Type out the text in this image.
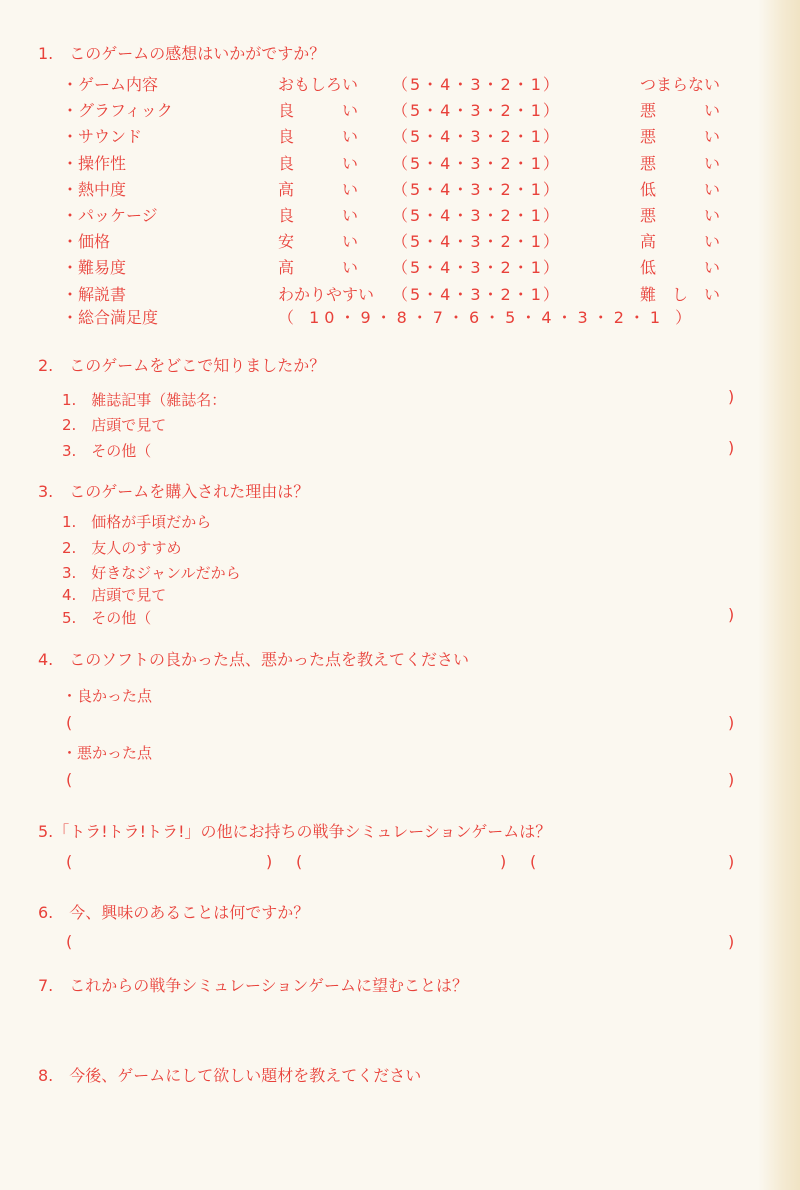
1.　このゲームの感想はいかがですか？
・ゲーム内容	おもしろい （5・4・3・2・1）	つまらない
・グラフィック	良　　　い （5・4・3・2・1）	悪　　　い
・サウンド	良　　　い （5・4・3・2・1）	悪　　　い
・操作性	良　　　い （5・4・3・2・1）	悪　　　い
・熱中度	高　　　い （5・4・3・2・1）	低　　　い
・パッケージ	良　　　い （5・4・3・2・1）	悪　　　い
・価格	安　　　い （5・4・3・2・1）	高　　　い
・難易度	高　　　い （5・4・3・2・1）	低　　　い
・解説書	わかりやすい （5・4・3・2・1）	難　し　い
・総合満足度	（ 10・9・8・7・6・5・4・3・2・1 ）
2.　このゲームをどこで知りましたか？
1.　雑誌記事（雑誌名：	)
2.　店頭で見て
3.　その他（	)
3.　このゲームを購入された理由は？
1.　価格が手頃だから
2.　友人のすすめ
3.　好きなジャンルだから
4.　店頭で見て
5.　その他（	)
4.　このソフトの良かった点、悪かった点を教えてください
・良かった点
(	)
・悪かった点
(	)
5.「トラ!トラ!トラ!」の他にお持ちの戦争シミュレーションゲームは？
(	) (	) (	)
6.　今、興味のあることは何ですか？
(	)
7.　これからの戦争シミュレーションゲームに望むことは？
8.　今後、ゲームにして欲しい題材を教えてください
